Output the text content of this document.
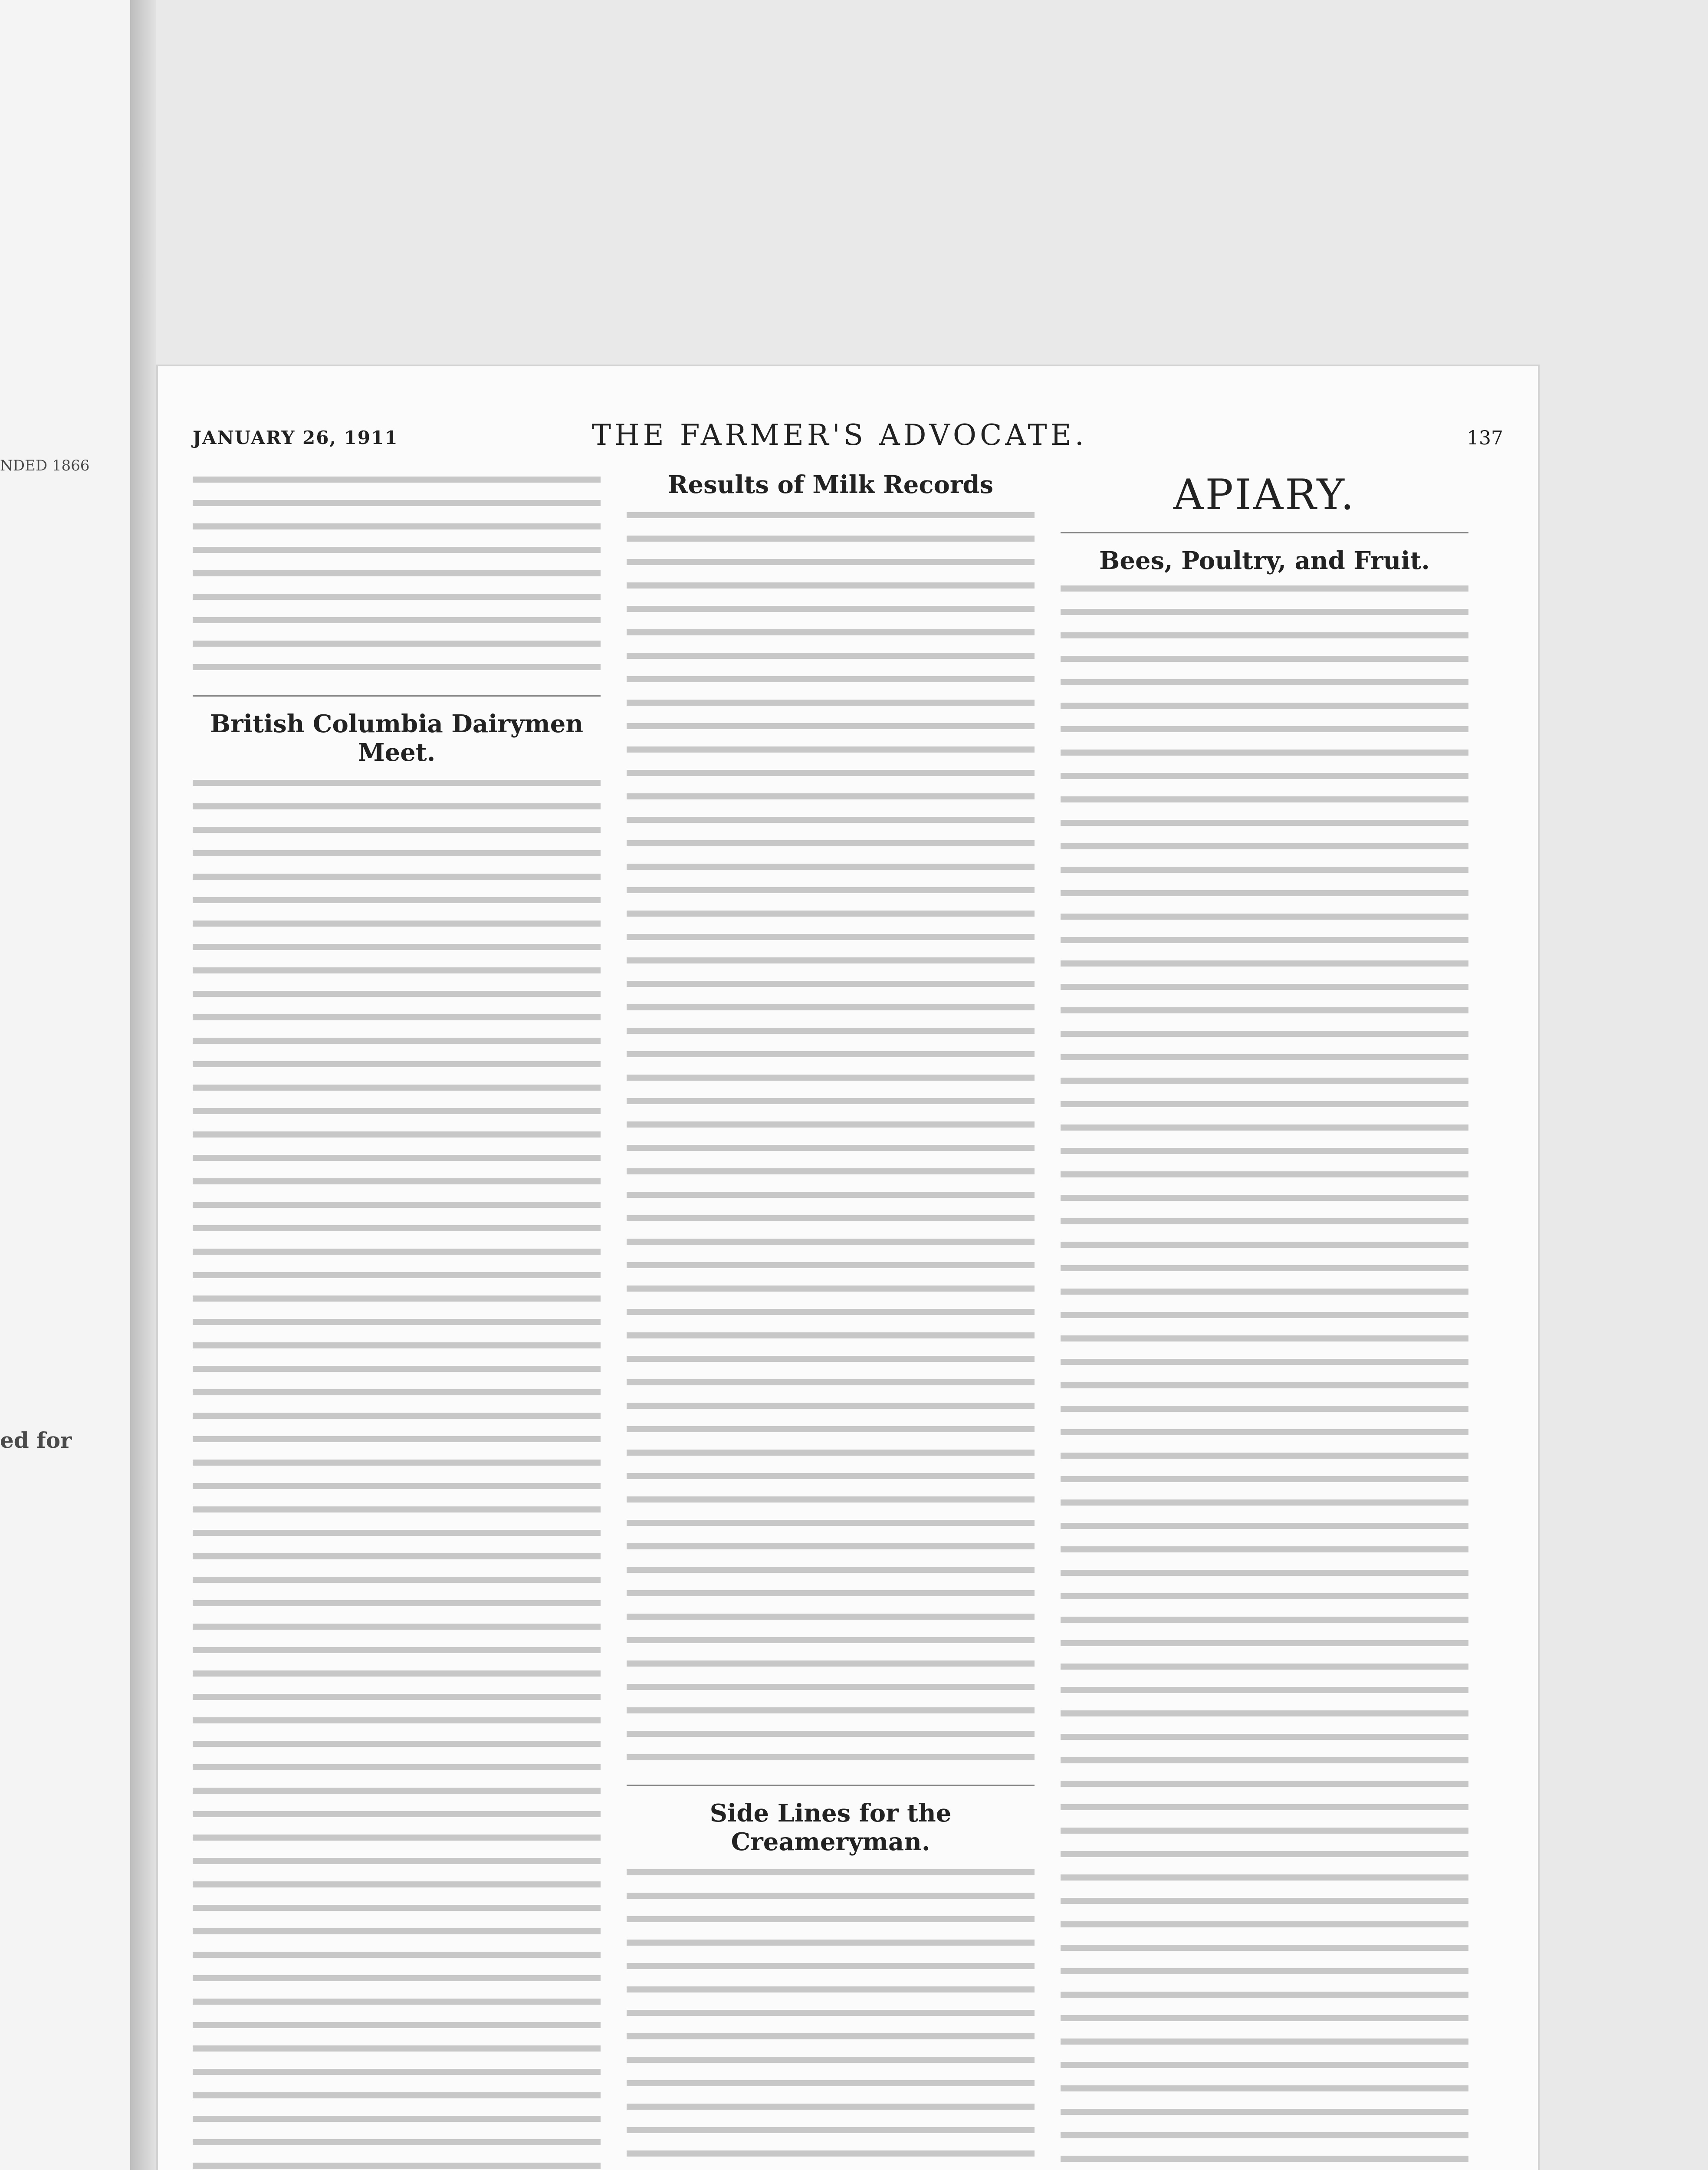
NDED 1866
ed for
JANUARY 26, 1911	THE FARMER'S ADVOCATE.	137
British Columbia Dairymen Meet.
Results of Milk Records
Side Lines for the Creameryman.
APIARY.
Bees, Poultry, and Fruit.
